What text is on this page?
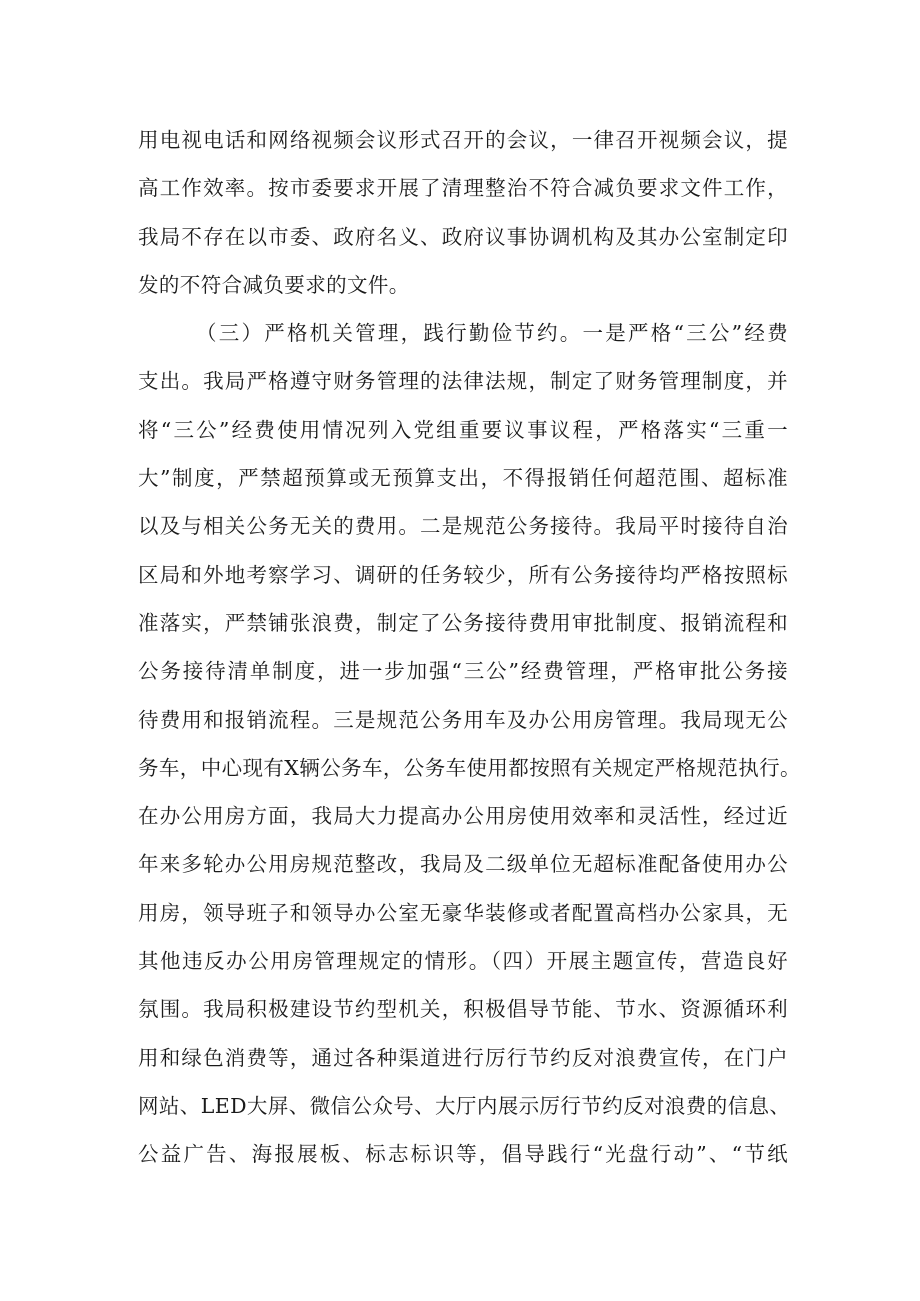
用电视电话和网络视频会议形式召开的会议，一律召开视频会议，提
高工作效率。按市委要求开展了清理整治不符合减负要求文件工作，
我局不存在以市委、政府名义、政府议事协调机构及其办公室制定印
发的不符合减负要求的文件。
（三）严格机关管理，践行勤俭节约。一是严格“三公”经费
支出。我局严格遵守财务管理的法律法规，制定了财务管理制度，并
将“三公”经费使用情况列入党组重要议事议程，严格落实“三重一
大”制度，严禁超预算或无预算支出，不得报销任何超范围、超标准
以及与相关公务无关的费用。二是规范公务接待。我局平时接待自治
区局和外地考察学习、调研的任务较少，所有公务接待均严格按照标
准落实，严禁铺张浪费，制定了公务接待费用审批制度、报销流程和
公务接待清单制度，进一步加强“三公”经费管理，严格审批公务接
待费用和报销流程。三是规范公务用车及办公用房管理。我局现无公
务车，中心现有X辆公务车，公务车使用都按照有关规定严格规范执行。
在办公用房方面，我局大力提高办公用房使用效率和灵活性，经过近
年来多轮办公用房规范整改，我局及二级单位无超标准配备使用办公
用房，领导班子和领导办公室无豪华装修或者配置高档办公家具，无
其他违反办公用房管理规定的情形。（四）开展主题宣传，营造良好
氛围。我局积极建设节约型机关，积极倡导节能、节水、资源循环利
用和绿色消费等，通过各种渠道进行厉行节约反对浪费宣传，在门户
网站、LED大屏、微信公众号、大厅内展示厉行节约反对浪费的信息、
公益广告、海报展板、标志标识等，倡导践行“光盘行动”、“节纸
